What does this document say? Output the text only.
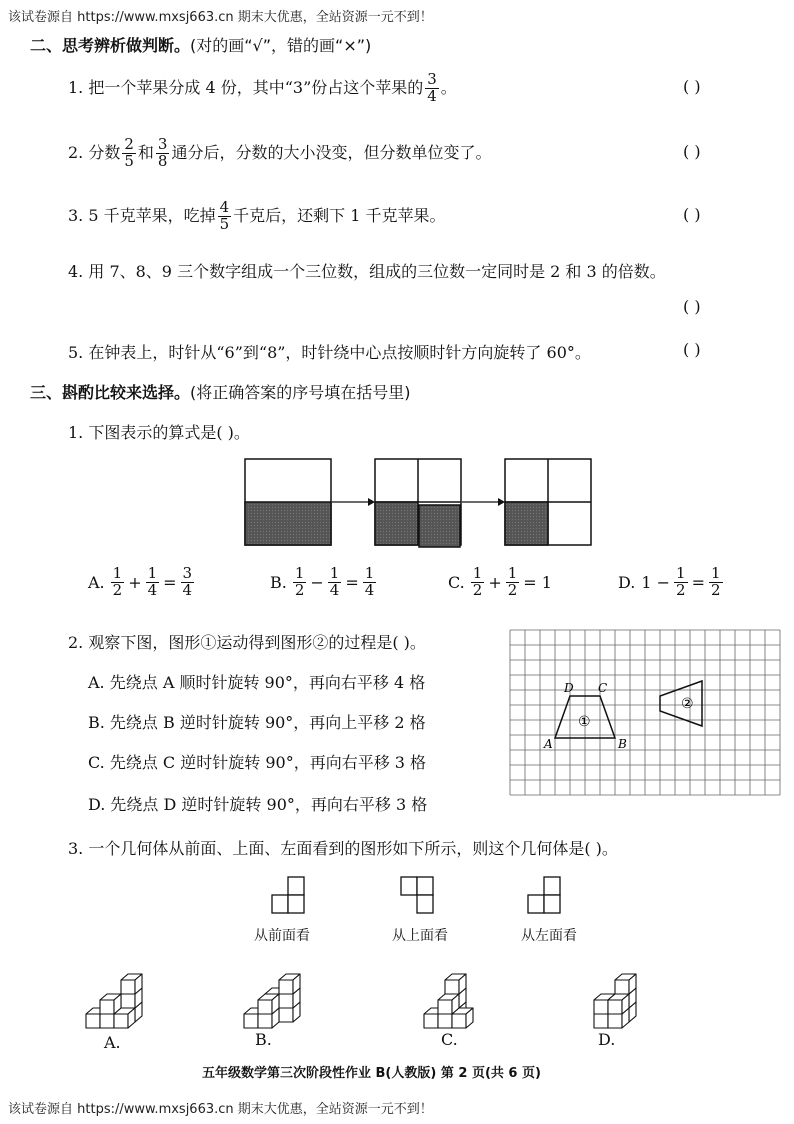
该试卷源自 https://www.mxsj663.cn 期末大优惠，全站资源一元不到！
二、思考辨析做判断。(对的画“√”，错的画“×”)
1. 把一个苹果分成 4 份，其中“3”份占这个苹果的 $\frac{3}{4}$ 。	( )
2. 分数 $\frac{2}{5}$ 和 $\frac{3}{8}$ 通分后，分数的大小没变，但分数单位变了。	( )
3. 5 千克苹果，吃掉 $\frac{4}{5}$ 千克后，还剩下 1 千克苹果。	( )
4. 用 7、8、9 三个数字组成一个三位数，组成的三位数一定同时是 2 和 3 的倍数。
( )
5. 在钟表上，时针从“6”到“8”，时针绕中心点按顺时针方向旋转了 60°。	( )
三、斟酌比较来选择。(将正确答案的序号填在括号里)
1. 下图表示的算式是( )。
A. $\frac{1}{2} + \frac{1}{4} = \frac{3}{4}$	B. $\frac{1}{2} - \frac{1}{4} = \frac{1}{4}$	C. $\frac{1}{2} + \frac{1}{2} = 1$	D. $1 - \frac{1}{2} = \frac{1}{2}$
2. 观察下图，图形①运动得到图形②的过程是( )。
A. 先绕点 A 顺时针旋转 90°，再向右平移 4 格
B. 先绕点 B 逆时针旋转 90°，再向上平移 2 格
C. 先绕点 C 逆时针旋转 90°，再向右平移 3 格
D. 先绕点 D 逆时针旋转 90°，再向右平移 3 格
①
A	B
C
D
②
3. 一个几何体从前面、上面、左面看到的图形如下所示，则这个几何体是( )。
从前面看	从上面看	从左面看
A.	B.	C.	D.
五年级数学第三次阶段性作业 B(人教版) 第 2 页(共 6 页)
该试卷源自 https://www.mxsj663.cn 期末大优惠，全站资源一元不到！
